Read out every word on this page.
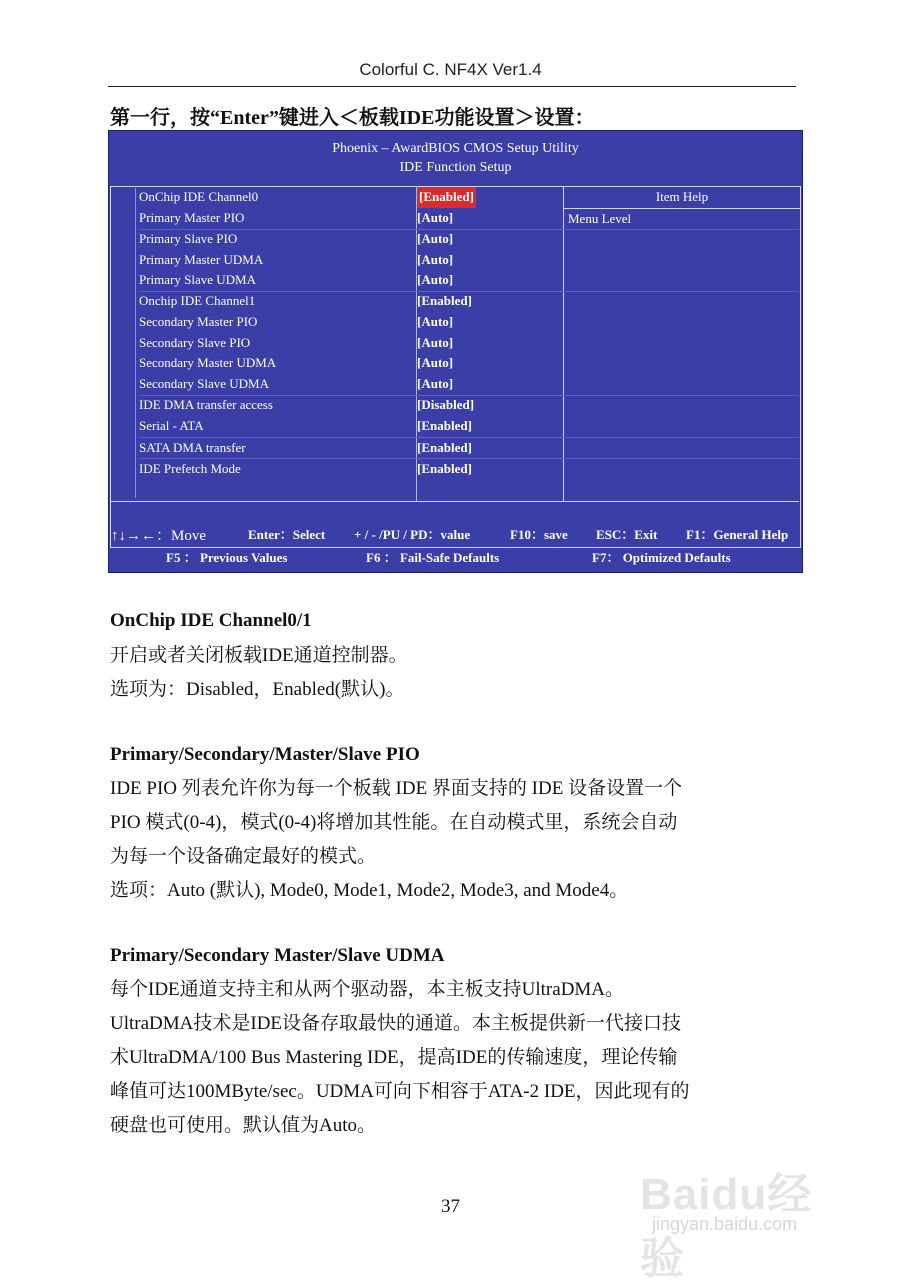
Colorful C. NF4X Ver1.4
第一行，按“Enter”键进入＜板载IDE功能设置＞设置：
Phoenix – AwardBIOS CMOS Setup Utility
IDE Function Setup
Item Help
Menu Level
OnChip IDE Channel0	[Enabled]
Primary Master PIO	[Auto]
Primary Slave PIO	[Auto]
Primary Master UDMA	[Auto]
Primary Slave UDMA	[Auto]
Onchip IDE Channel1	[Enabled]
Secondary Master PIO	[Auto]
Secondary Slave PIO	[Auto]
Secondary Master UDMA	[Auto]
Secondary Slave UDMA	[Auto]
IDE DMA transfer access	[Disabled]
Serial - ATA	[Enabled]
SATA DMA transfer	[Enabled]
IDE Prefetch Mode	[Enabled]
↑↓→←：Move	Enter：Select + / - /PU / PD：value	F10：save ESC：Exit F1：General Help
F5 ： Previous Values	F6 ： Fail-Safe Defaults	F7： Optimized Defaults
OnChip IDE Channel0/1
开启或者关闭板载IDE通道控制器。
选项为：Disabled，Enabled(默认)。
Primary/Secondary/Master/Slave PIO
IDE PIO 列表允许你为每一个板载 IDE 界面支持的 IDE 设备设置一个
PIO 模式(0-4)，模式(0-4)将增加其性能。在自动模式里，系统会自动
为每一个设备确定最好的模式。
选项：Auto (默认), Mode0, Mode1, Mode2, Mode3, and Mode4。
Primary/Secondary Master/Slave UDMA
每个IDE通道支持主和从两个驱动器，本主板支持UltraDMA。
UltraDMA技术是IDE设备存取最快的通道。本主板提供新一代接口技
术UltraDMA/100 Bus Mastering IDE，提高IDE的传输速度，理论传输
峰值可达100MByte/sec。UDMA可向下相容于ATA-2 IDE，因此现有的
硬盘也可使用。默认值为Auto。
37	Baidu经验
jingyan.baidu.com
